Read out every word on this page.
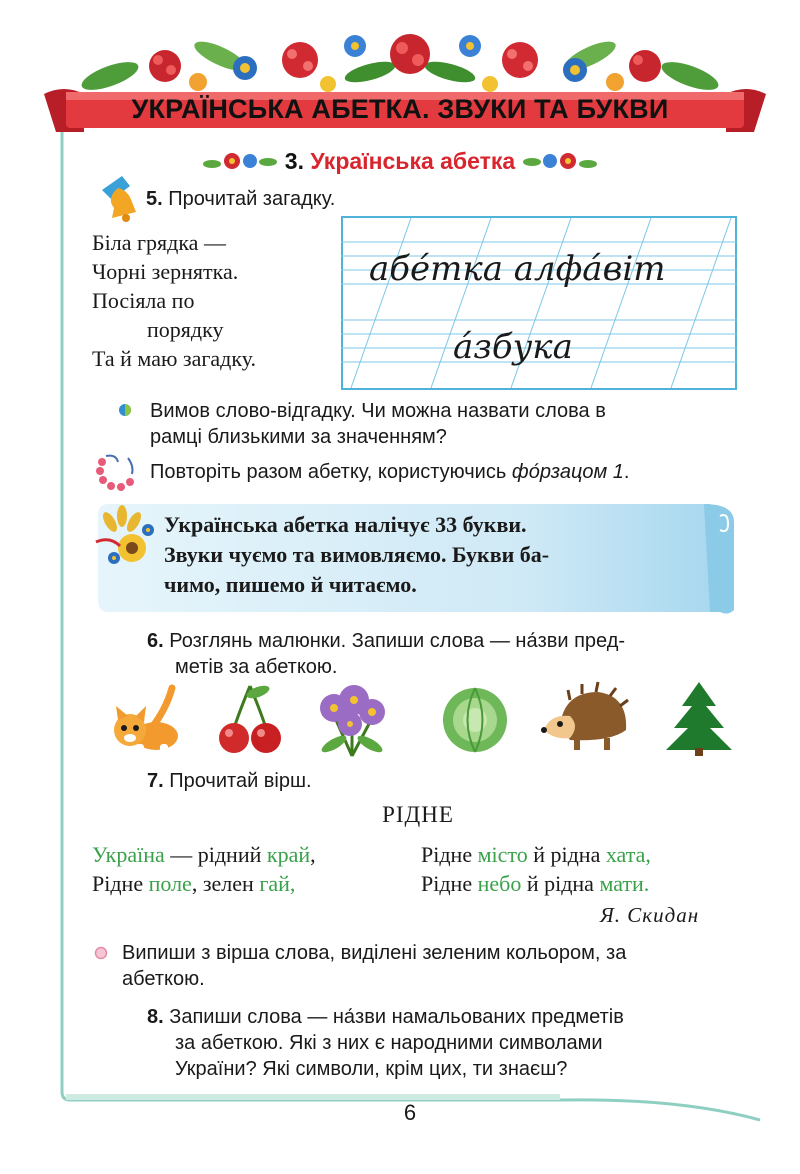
УКРАЇНСЬКА АБЕТКА. ЗВУКИ ТА БУКВИ
3. Українська абетка
5. Прочитай загадку.
Біла грядка —
Чорні зернятка.
Посіяла по
порядку
Та й маю загадку.
абе́тка алфа́віт
а́збука
Вимов слово-відгадку. Чи можна назвати слова в
рамці близькими за значенням?
Повторіть разом абетку, користуючись фо́рзацом 1.
Українська абетка налічує 33 букви.
Звуки чуємо та вимовляємо. Букви ба-
чимо, пишемо й читаємо.
6. Розглянь малюнки. Запиши слова — на́зви пред-
метів за абеткою.
7. Прочитай вірш.
РІДНЕ
Україна — рідний край,
Рідне поле, зелен гай,
Рідне місто й рідна хата,
Рідне небо й рідна мати.
Я. Скидан
Випиши з вірша слова, виділені зеленим кольором, за
абеткою.
8. Запиши слова — на́зви намальованих предметів
за абеткою. Які з них є народними символами
України? Які символи, крім цих, ти знаєш?
6
